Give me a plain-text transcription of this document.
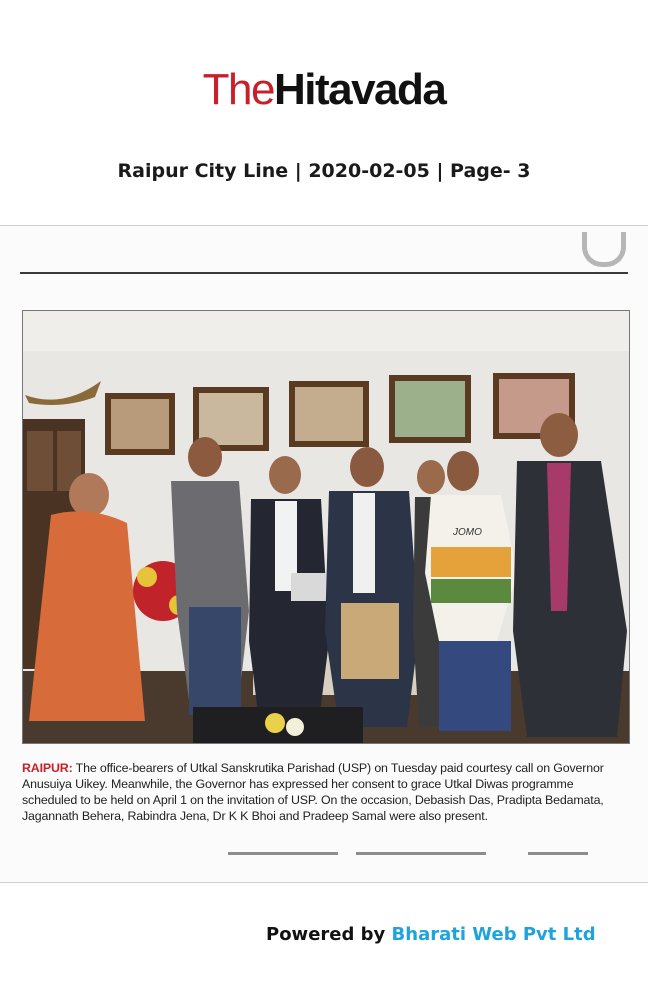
TheHitavada
Raipur City Line | 2020-02-05 | Page- 3
JOMO
RAIPUR: The office-bearers of Utkal Sanskrutika Parishad (USP) on Tuesday paid courtesy call on Governor Anusuiya Uikey. Meanwhile, the Governor has expressed her consent to grace Utkal Diwas programme scheduled to be held on April 1 on the invitation of USP. On the occasion, Debasish Das, Pradipta Bedamata, Jagannath Behera, Rabindra Jena, Dr K K Bhoi and Pradeep Samal were also present.
Powered by Bharati Web Pvt Ltd
